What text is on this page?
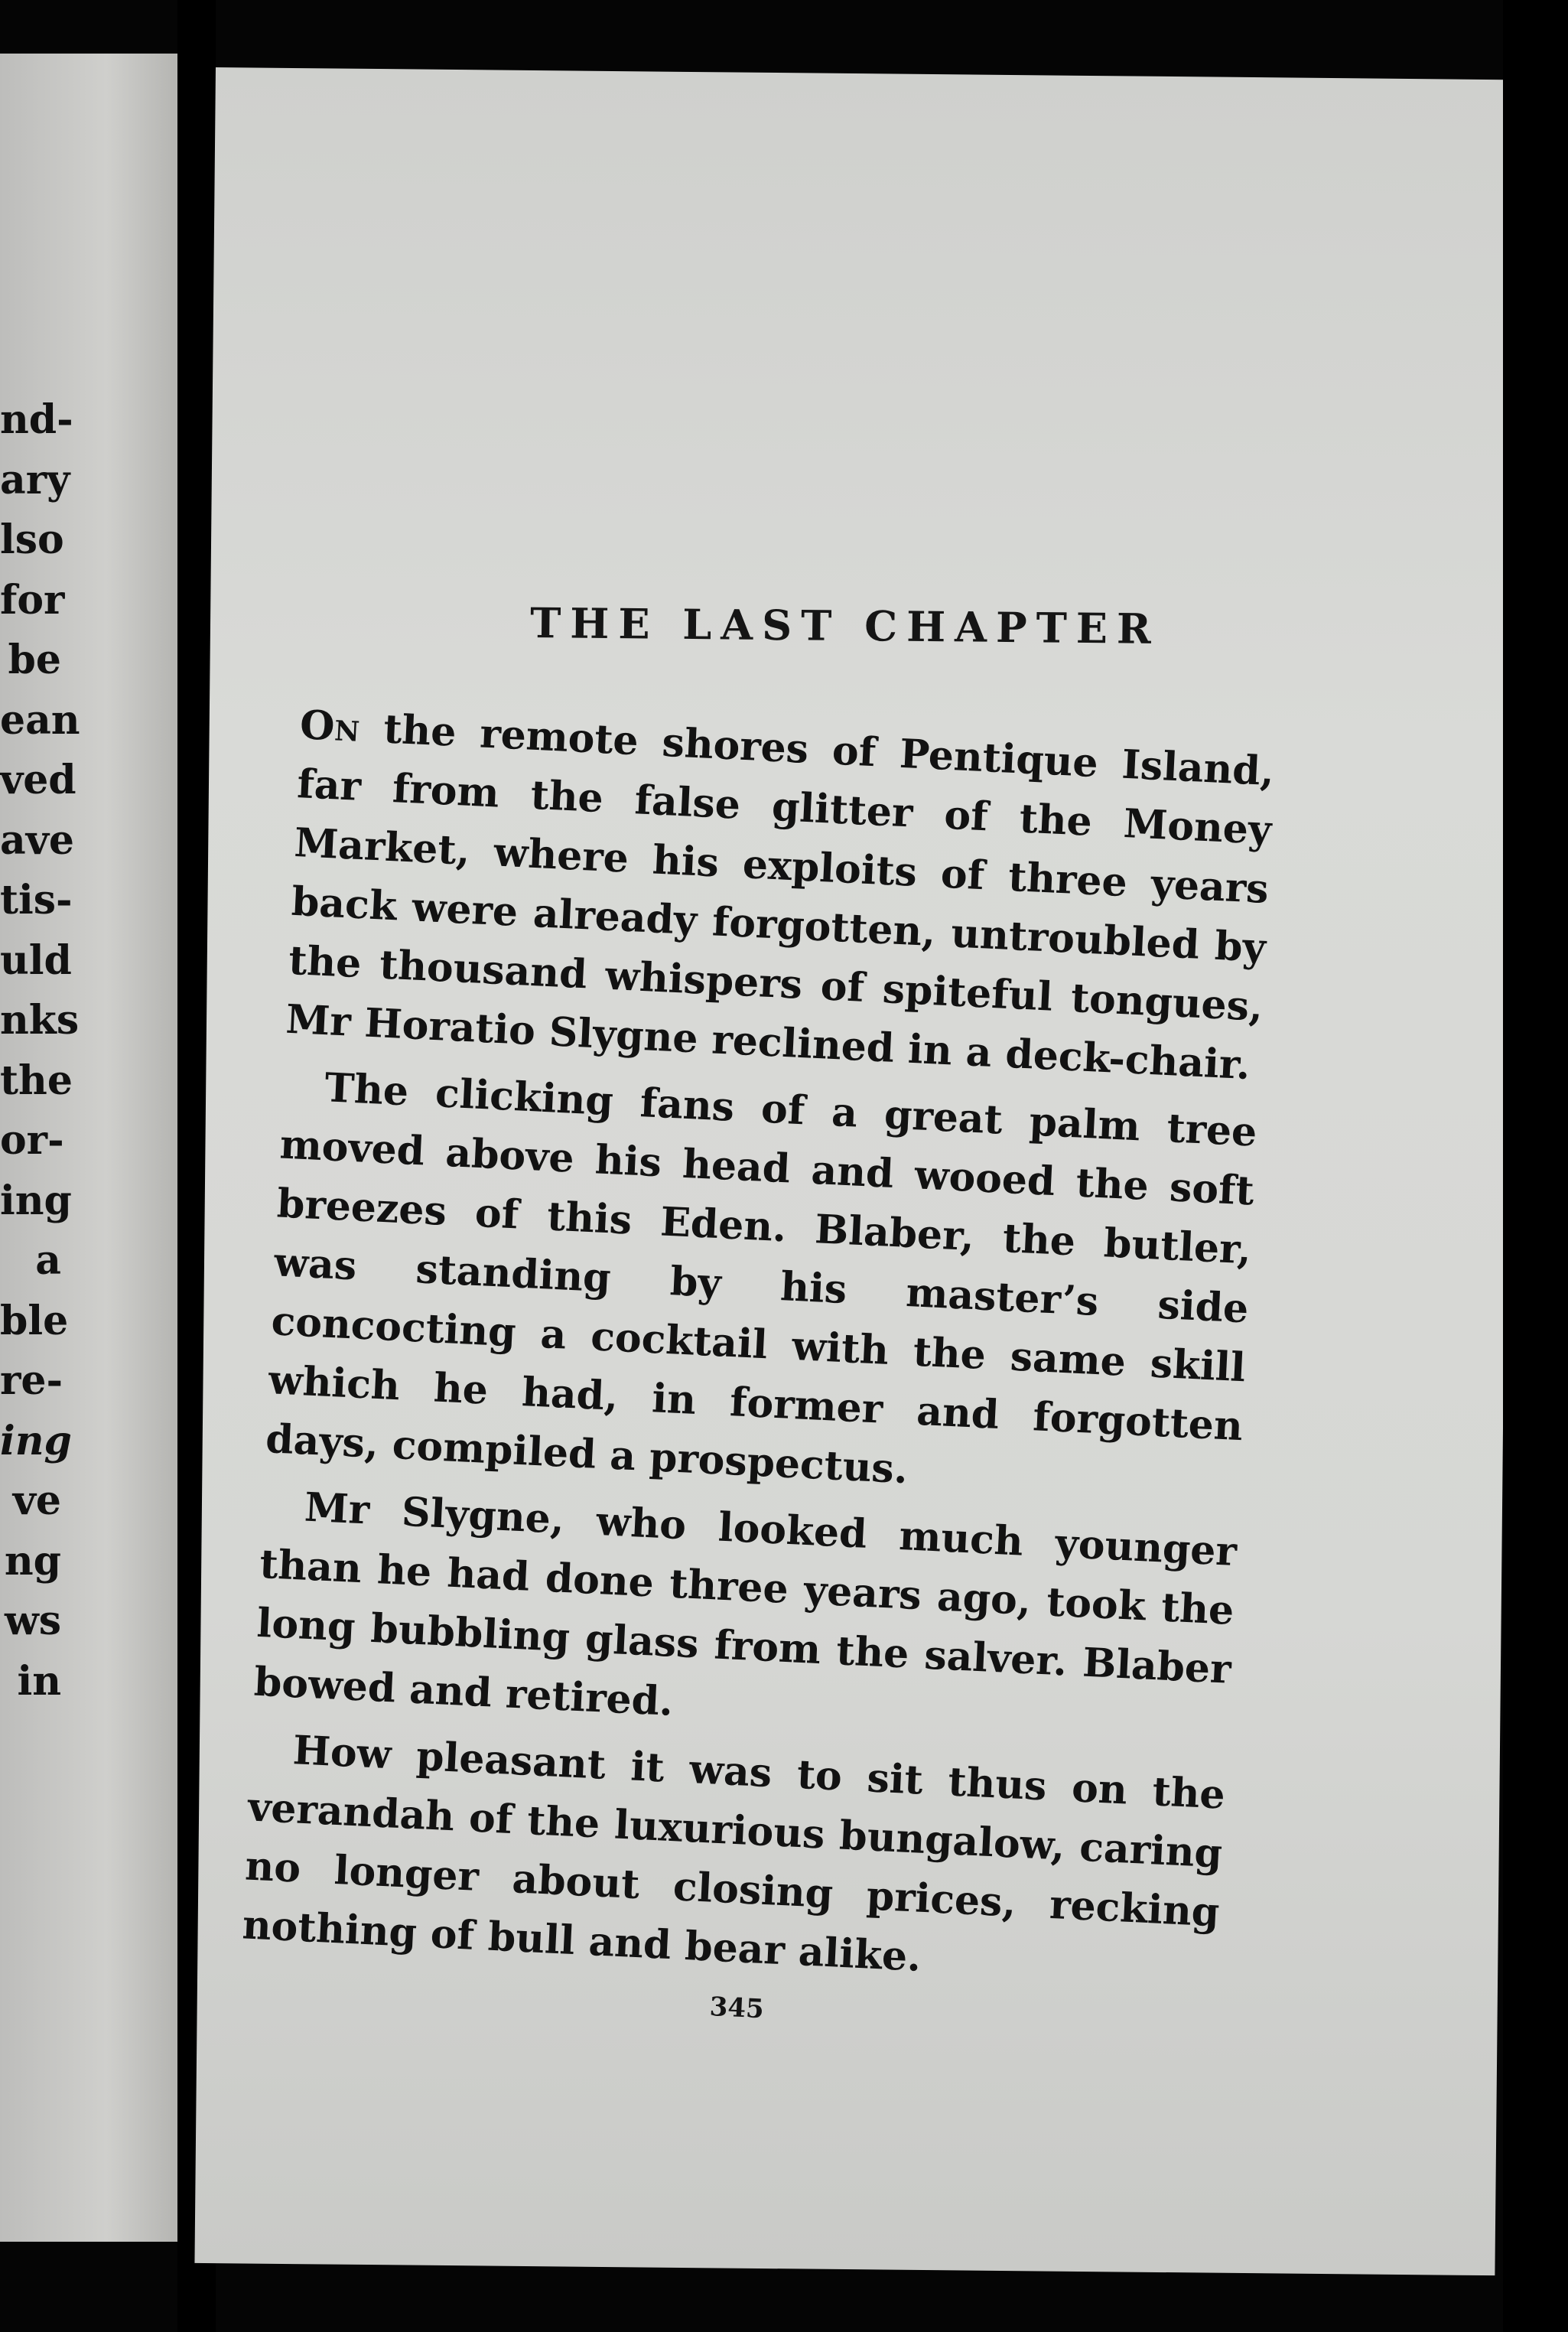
nd-
ary
lso
for
be
ean
ved
ave
tis-
uld
nks
the
or-
ing
a
ble
re-
ing
ve
ng
ws
in
THE LAST CHAPTER

On the remote shores of Pentique Island, far from the false glitter of the Money Market, where his exploits of three years back were already forgotten, untroubled by the thousand whispers of spiteful tongues, Mr Horatio Slygne reclined in a deck-chair.

The clicking fans of a great palm tree moved above his head and wooed the soft breezes of this Eden. Blaber, the butler, was standing by his master’s side concocting a cocktail with the same skill which he had, in former and forgotten days, compiled a prospectus.

Mr Slygne, who looked much younger than he had done three years ago, took the long bubbling glass from the salver. Blaber bowed and retired.

How pleasant it was to sit thus on the verandah of the luxurious bungalow, caring no longer about closing prices, recking nothing of bull and bear alike.

345
